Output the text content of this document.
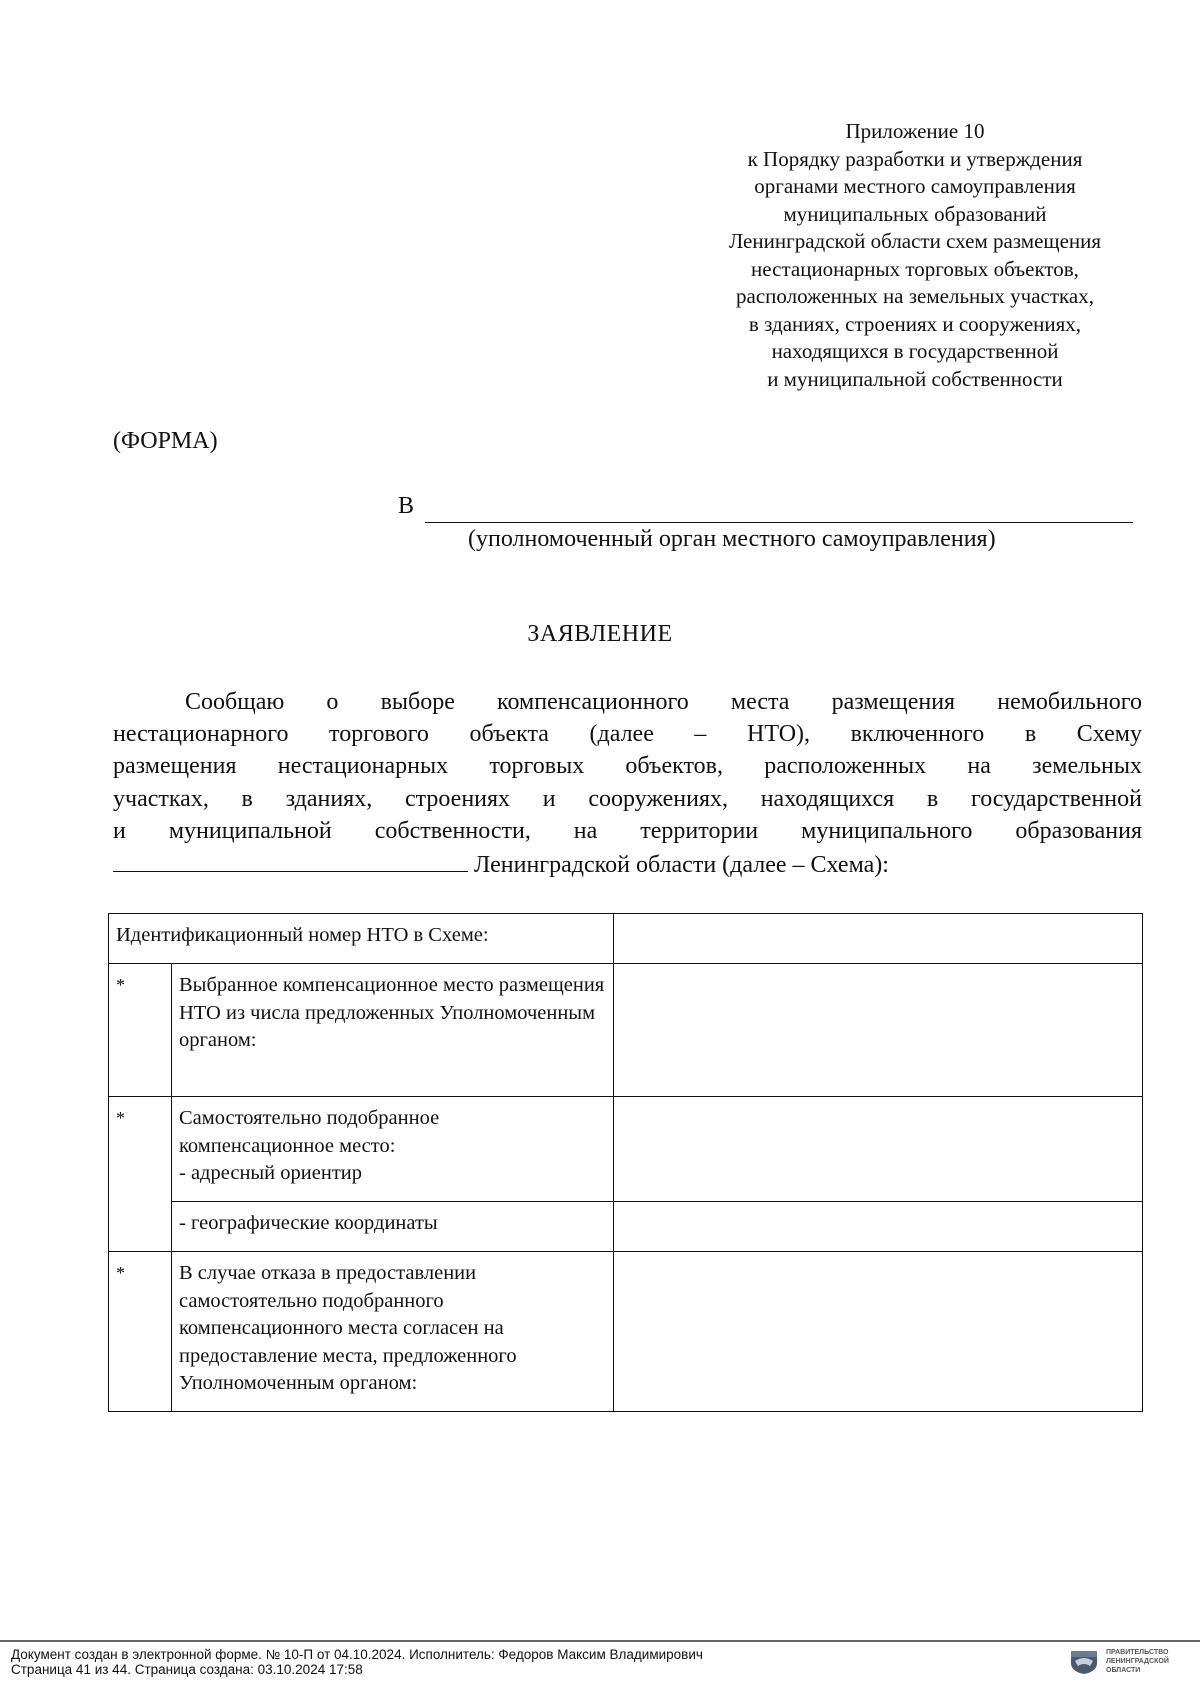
Приложение 10
к Порядку разработки и утверждения
органами местного самоуправления
муниципальных образований
Ленинградской области схем размещения
нестационарных торговых объектов,
расположенных на земельных участках,
в зданиях, строениях и сооружениях,
находящихся в государственной
и муниципальной собственности
(ФОРМА)
В
(уполномоченный орган местного самоуправления)
ЗАЯВЛЕНИЕ
Сообщаю о выборе компенсационного места размещения немобильного
нестационарного торгового объекта (далее – НТО), включенного в Схему
размещения нестационарных торговых объектов, расположенных на земельных
участках, в зданиях, строениях и сооружениях, находящихся в государственной
и муниципальной собственности, на территории муниципального образования
Ленинградской области (далее – Схема):
Идентификационный номер НТО в Схеме:		
*	Выбранное компенсационное место размещения НТО из числа предложенных Уполномоченным органом:	
*	Самостоятельно подобранное
компенсационное место:
- адресный ориентир	

	- географические координаты	
*	В случае отказа в предоставлении самостоятельно подобранного компенсационного места согласен на предоставление места, предложенного Уполномоченным органом:	
Документ создан в электронной форме. № 10-П от 04.10.2024. Исполнитель: Федоров Максим Владимирович
Страница 41 из 44. Страница создана: 03.10.2024 17:58
ПРАВИТЕЛЬСТВО
ЛЕНИНГРАДСКОЙ
ОБЛАСТИ
